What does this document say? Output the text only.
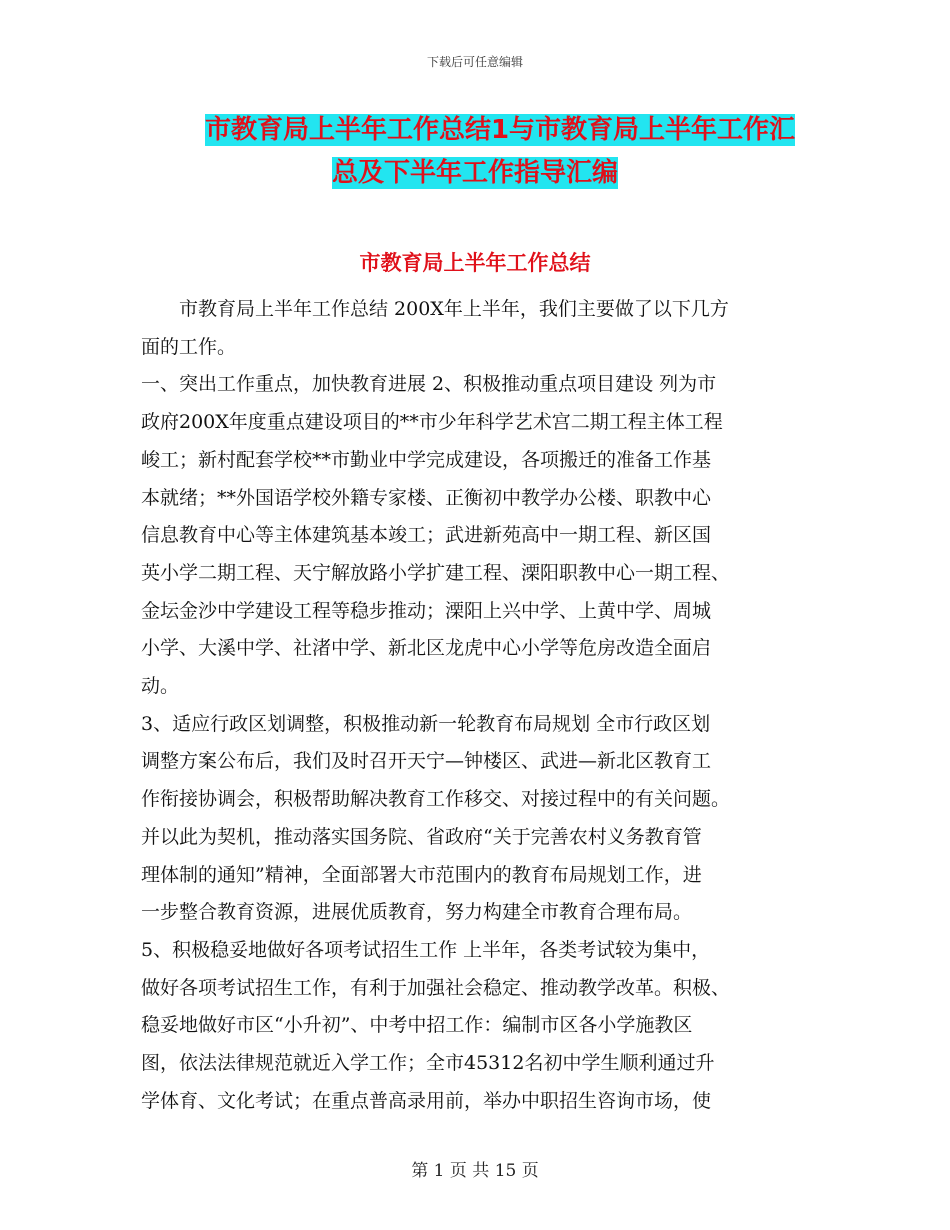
下载后可任意编辑
市教育局上半年工作总结1与市教育局上半年工作汇
总及下半年工作指导汇编
市教育局上半年工作总结

　　市教育局上半年工作总结 200X年上半年，我们主要做了以下几方

面的工作。

一、突出工作重点，加快教育进展 2、积极推动重点项目建设 列为市

政府200X年度重点建设项目的**市少年科学艺术宫二期工程主体工程

峻工；新村配套学校**市勤业中学完成建设，各项搬迁的准备工作基

本就绪；**外国语学校外籍专家楼、正衡初中教学办公楼、职教中心

信息教育中心等主体建筑基本竣工；武进新苑高中一期工程、新区国

英小学二期工程、天宁解放路小学扩建工程、溧阳职教中心一期工程、

金坛金沙中学建设工程等稳步推动；溧阳上兴中学、上黄中学、周城

小学、大溪中学、社渚中学、新北区龙虎中心小学等危房改造全面启

动。

3、适应行政区划调整，积极推动新一轮教育布局规划 全市行政区划

调整方案公布后，我们及时召开天宁—钟楼区、武进—新北区教育工

作衔接协调会，积极帮助解决教育工作移交、对接过程中的有关问题。

并以此为契机，推动落实国务院、省政府“关于完善农村义务教育管

理体制的通知”精神，全面部署大市范围内的教育布局规划工作，进

一步整合教育资源，进展优质教育，努力构建全市教育合理布局。

5、积极稳妥地做好各项考试招生工作 上半年，各类考试较为集中，

做好各项考试招生工作，有利于加强社会稳定、推动教学改革。积极、

稳妥地做好市区“小升初”、中考中招工作：编制市区各小学施教区

图，依法法律规范就近入学工作；全市45312名初中学生顺利通过升

学体育、文化考试；在重点普高录用前，举办中职招生咨询市场，使

第 1 页 共 15 页
